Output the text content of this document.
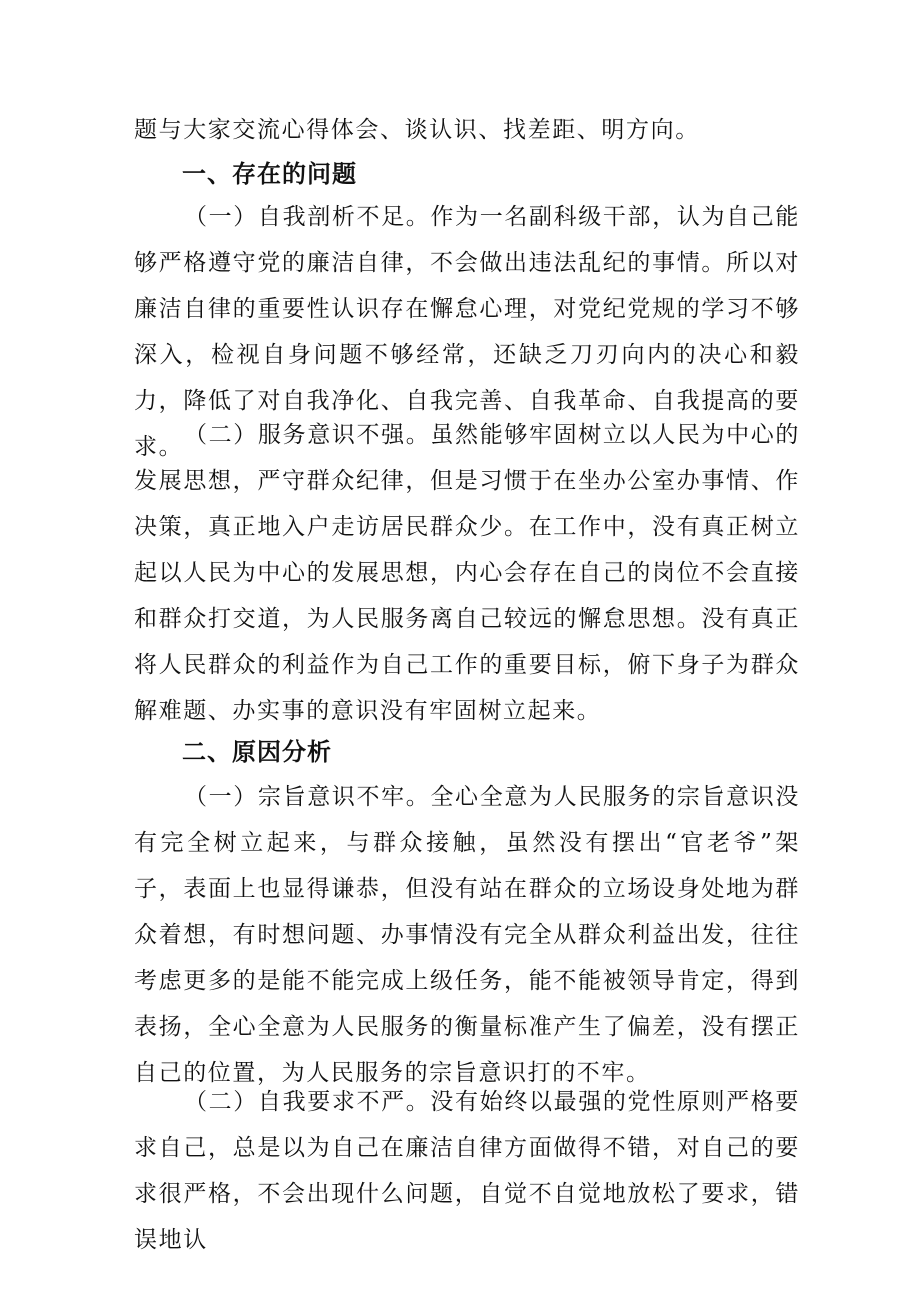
题与大家交流心得体会、谈认识、找差距、明方向。

一、存在的问题

（一）自我剖析不足。作为一名副科级干部，认为自己能够严格遵守党的廉洁自律，不会做出违法乱纪的事情。所以对廉洁自律的重要性认识存在懈怠心理，对党纪党规的学习不够深入，检视自身问题不够经常，还缺乏刀刃向内的决心和毅力，降低了对自我净化、自我完善、自我革命、自我提高的要求。 （二）服务意识不强。虽然能够牢固树立以人民为中心的发展思想，严守群众纪律，但是习惯于在坐办公室办事情、作决策，真正地入户走访居民群众少。在工作中，没有真正树立起以人民为中心的发展思想，内心会存在自己的岗位不会直接和群众打交道，为人民服务离自己较远的懈怠思想。没有真正将人民群众的利益作为自己工作的重要目标，俯下身子为群众解难题、办实事的意识没有牢固树立起来。

二、原因分析

（一）宗旨意识不牢。全心全意为人民服务的宗旨意识没有完全树立起来，与群众接触，虽然没有摆出“官老爷”架子，表面上也显得谦恭，但没有站在群众的立场设身处地为群众着想，有时想问题、办事情没有完全从群众利益出发，往往考虑更多的是能不能完成上级任务，能不能被领导肯定，得到表扬，全心全意为人民服务的衡量标准产生了偏差，没有摆正自己的位置，为人民服务的宗旨意识打的不牢。

（二）自我要求不严。没有始终以最强的党性原则严格要求自己，总是以为自己在廉洁自律方面做得不错，对自己的要求很严格，不会出现什么问题，自觉不自觉地放松了要求，错误地认
